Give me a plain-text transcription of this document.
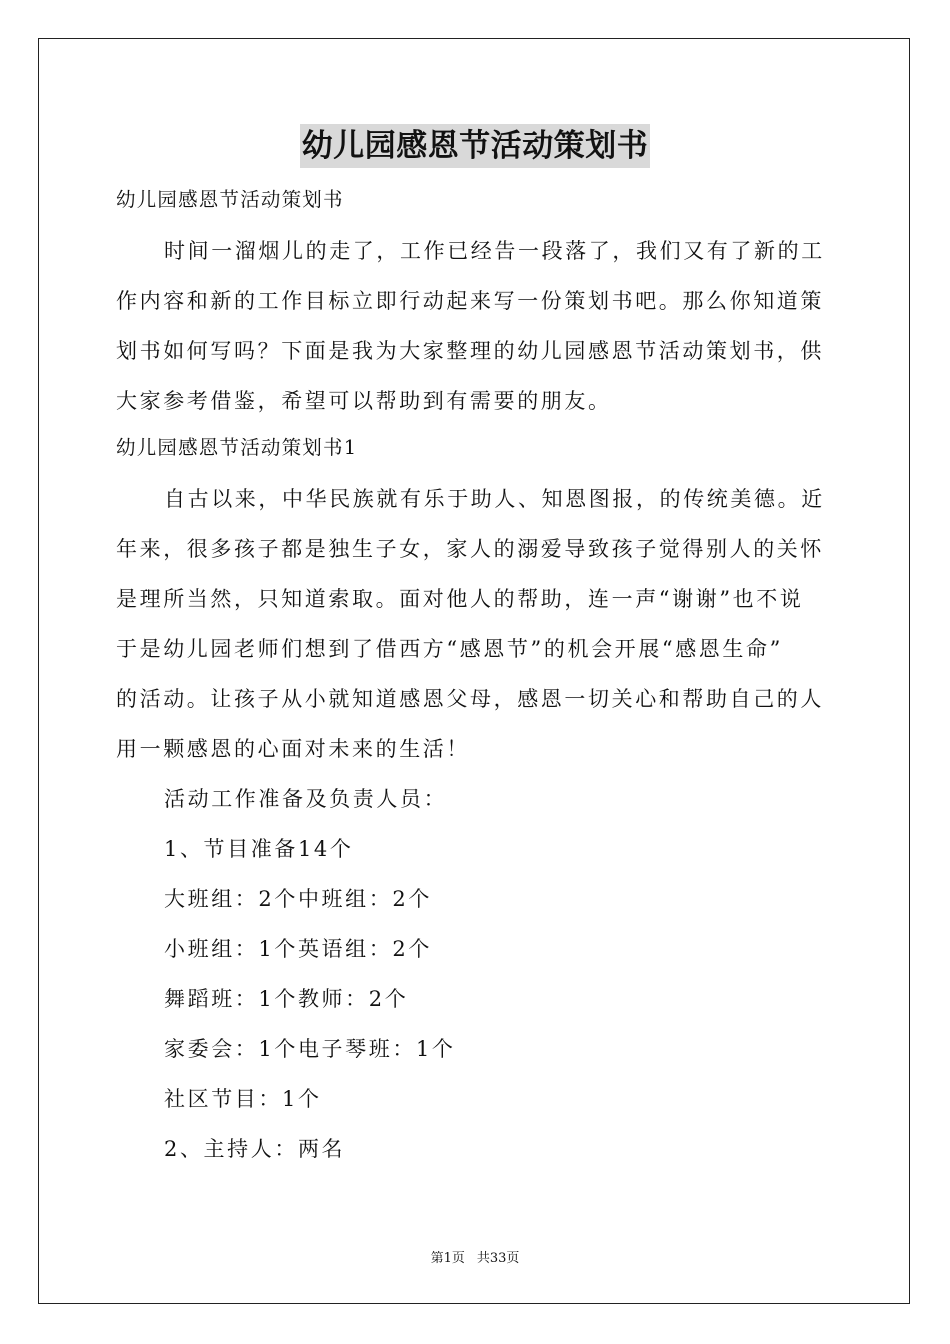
幼儿园感恩节活动策划书
幼儿园感恩节活动策划书
时间一溜烟儿的走了，工作已经告一段落了，我们又有了新的工
作内容和新的工作目标立即行动起来写一份策划书吧。那么你知道策
划书如何写吗？下面是我为大家整理的幼儿园感恩节活动策划书，供
大家参考借鉴，希望可以帮助到有需要的朋友。
幼儿园感恩节活动策划书1
自古以来，中华民族就有乐于助人、知恩图报，的传统美德。近
年来，很多孩子都是独生子女，家人的溺爱导致孩子觉得别人的关怀
是理所当然，只知道索取。面对他人的帮助，连一声“谢谢”也不说
于是幼儿园老师们想到了借西方“感恩节”的机会开展“感恩生命”
的活动。让孩子从小就知道感恩父母，感恩一切关心和帮助自己的人
用一颗感恩的心面对未来的生活！
活动工作准备及负责人员：
1、节目准备14个
大班组：2个中班组：2个
小班组：1个英语组：2个
舞蹈班：1个教师：2个
家委会：1个电子琴班：1个
社区节目：1个
2、主持人：两名
第1页 共33页
